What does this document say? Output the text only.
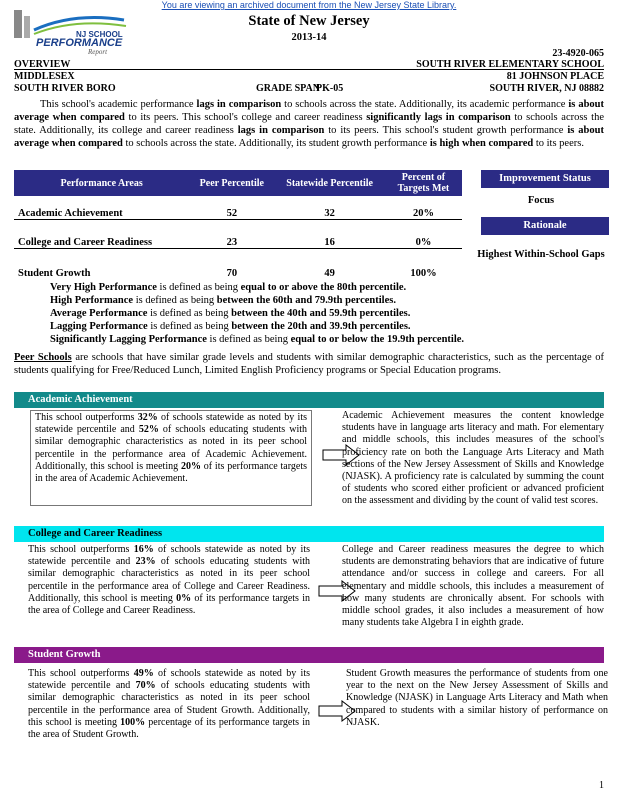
You are viewing an archived document from the New Jersey State Library.
NJ SCHOOL
PERFORMANCE
Report
State of New Jersey
2013-14
23-4920-065
OVERVIEW	SOUTH RIVER ELEMENTARY SCHOOL
MIDDLESEX	81 JOHNSON PLACE
SOUTH RIVER BORO	GRADE SPAN
PK-05	SOUTH RIVER, NJ 08882
This school's academic performance lags in comparison to schools across the state. Additionally, its academic performance is about average when compared to its peers. This school's college and career readiness significantly lags in comparison to schools across the state. Additionally, its college and career readiness lags in comparison to its peers. This school's student growth performance is about average when compared to schools across the state. Additionally, its student growth performance is high when compared to its peers.
Performance Areas	Peer Percentile	Statewide Percentile	Percent of Targets Met
Academic Achievement	52	32	20%
College and Career Readiness	23	16	0%
Student Growth	70	49	100%
Improvement Status
Focus
Rationale
Highest Within-School Gaps
Very High Performance is defined as being equal to or above the 80th percentile.
High Performance is defined as being between the 60th and 79.9th percentiles.
Average Performance is defined as being between the 40th and 59.9th percentiles.
Lagging Performance is defined as being between the 20th and 39.9th percentiles.
Significantly Lagging Performance is defined as being equal to or below the 19.9th percentile.
Peer Schools are schools that have similar grade levels and students with similar demographic characteristics, such as the percentage of students qualifying for Free/Reduced Lunch, Limited English Proficiency programs or Special Education programs.
Academic Achievement
This school outperforms 32% of schools statewide as noted by its statewide percentile and 52% of schools educating students with similar demographic characteristics as noted in its peer school percentile in the performance area of Academic Achievement. Additionally, this school is meeting 20% of its performance targets in the area of Academic Achievement.
Academic Achievement measures the content knowledge students have in language arts literacy and math. For elementary and middle schools, this includes measures of the school's proficiency rate on both the Language Arts Literacy and Math sections of the New Jersey Assessment of Skills and Knowledge (NJASK). A proficiency rate is calculated by summing the count of students who scored either proficient or advanced proficient on the assessment and dividing by the count of valid test scores.
College and Career Readiness
This school outperforms 16% of schools statewide as noted by its statewide percentile and 23% of schools educating students with similar demographic characteristics as noted in its peer school percentile in the performance area of College and Career Readiness. Additionally, this school is meeting 0% of its performance targets in the area of College and Career Readiness.
College and Career readiness measures the degree to which students are demonstrating behaviors that are indicative of future attendance and/or success in college and careers. For all elementary and middle schools, this includes a measurement of how many students are chronically absent. For schools with middle school grades, it also includes a measurement of how many students take Algebra I in eighth grade.
Student Growth
This school outperforms 49% of schools statewide as noted by its statewide percentile and 70% of schools educating students with similar demographic characteristics as noted in its peer school percentile in the performance area of Student Growth. Additionally, this school is meeting 100% percentage of its performance targets in the area of Student Growth.
Student Growth measures the performance of students from one year to the next on the New Jersey Assessment of Skills and Knowledge (NJASK) in Language Arts Literacy and Math when compared to students with a similar history of performance on NJASK.
1
